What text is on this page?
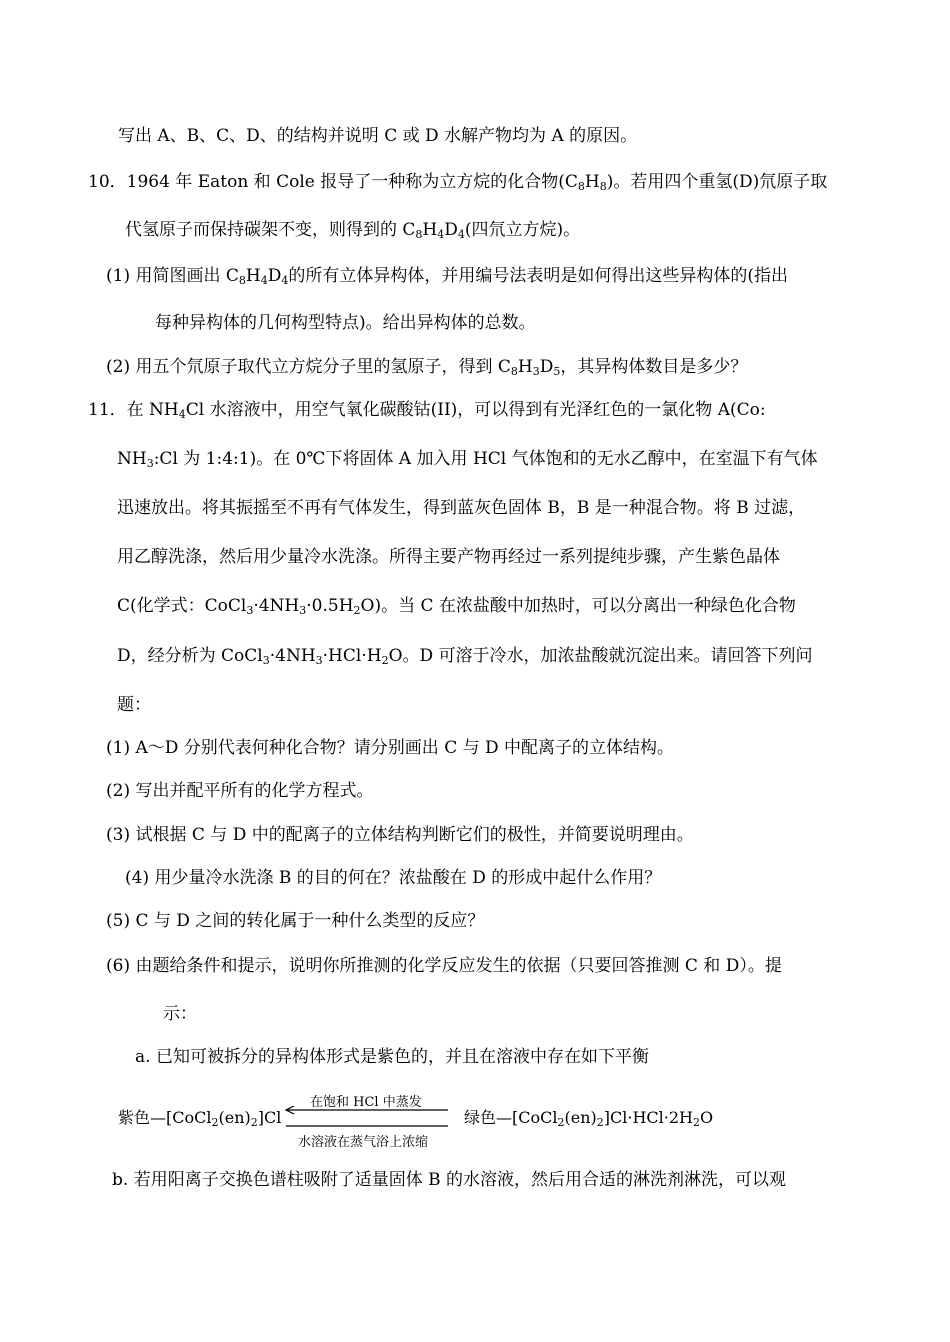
写出 A、B、C、D、的结构并说明 C 或 D 水解产物均为 A 的原因。
10．1964 年 Eaton 和 Cole 报导了一种称为立方烷的化合物$(C_8H_8)$。若用四个重氢(D)氘原子取
代氢原子而保持碳架不变，则得到的 $C_8H_4D_4$(四氘立方烷)。
(1) 用简图画出 $C_8H_4D_4$的所有立体异构体，并用编号法表明是如何得出这些异构体的(指出
每种异构体的几何构型特点)。给出异构体的总数。
(2) 用五个氘原子取代立方烷分子里的氢原子，得到 $C_8H_3D_5$，其异构体数目是多少？
11．在 $NH_4Cl$ 水溶液中，用空气氧化碳酸钴(II)，可以得到有光泽红色的一氯化物 A(Co:
$NH_3:Cl$ 为 1:4:1)。在 0℃下将固体 A 加入用 HCl 气体饱和的无水乙醇中，在室温下有气体
迅速放出。将其振摇至不再有气体发生，得到蓝灰色固体 B，B 是一种混合物。将 B 过滤，
用乙醇洗涤，然后用少量冷水洗涤。所得主要产物再经过一系列提纯步骤，产生紫色晶体
C(化学式：$CoCl_3\cdot 4NH_3\cdot 0.5H_2O$)。当 C 在浓盐酸中加热时，可以分离出一种绿色化合物
D，经分析为 $CoCl_3\cdot 4NH_3\cdot HCl\cdot H_2O$。D 可溶于冷水，加浓盐酸就沉淀出来。请回答下列问
题：
(1) A～D 分别代表何种化合物？请分别画出 C 与 D 中配离子的立体结构。
(2) 写出并配平所有的化学方程式。
(3) 试根据 C 与 D 中的配离子的立体结构判断它们的极性，并简要说明理由。
(4) 用少量冷水洗涤 B 的目的何在？浓盐酸在 D 的形成中起什么作用？
(5) C 与 D 之间的转化属于一种什么类型的反应？
(6) 由题给条件和提示，说明你所推测的化学反应发生的依据（只要回答推测 C 和 D）。提
示：
a. 已知可被拆分的异构体形式是紫色的，并且在溶液中存在如下平衡
紫色$—[CoCl_2(en)_2]Cl$
在饱和 HCl 中蒸发
水溶液在蒸气浴上浓缩
绿色$—[CoCl_2(en)_2]Cl\cdot HCl\cdot 2H_2O$
b. 若用阳离子交换色谱柱吸附了适量固体 B 的水溶液，然后用合适的淋洗剂淋洗，可以观
